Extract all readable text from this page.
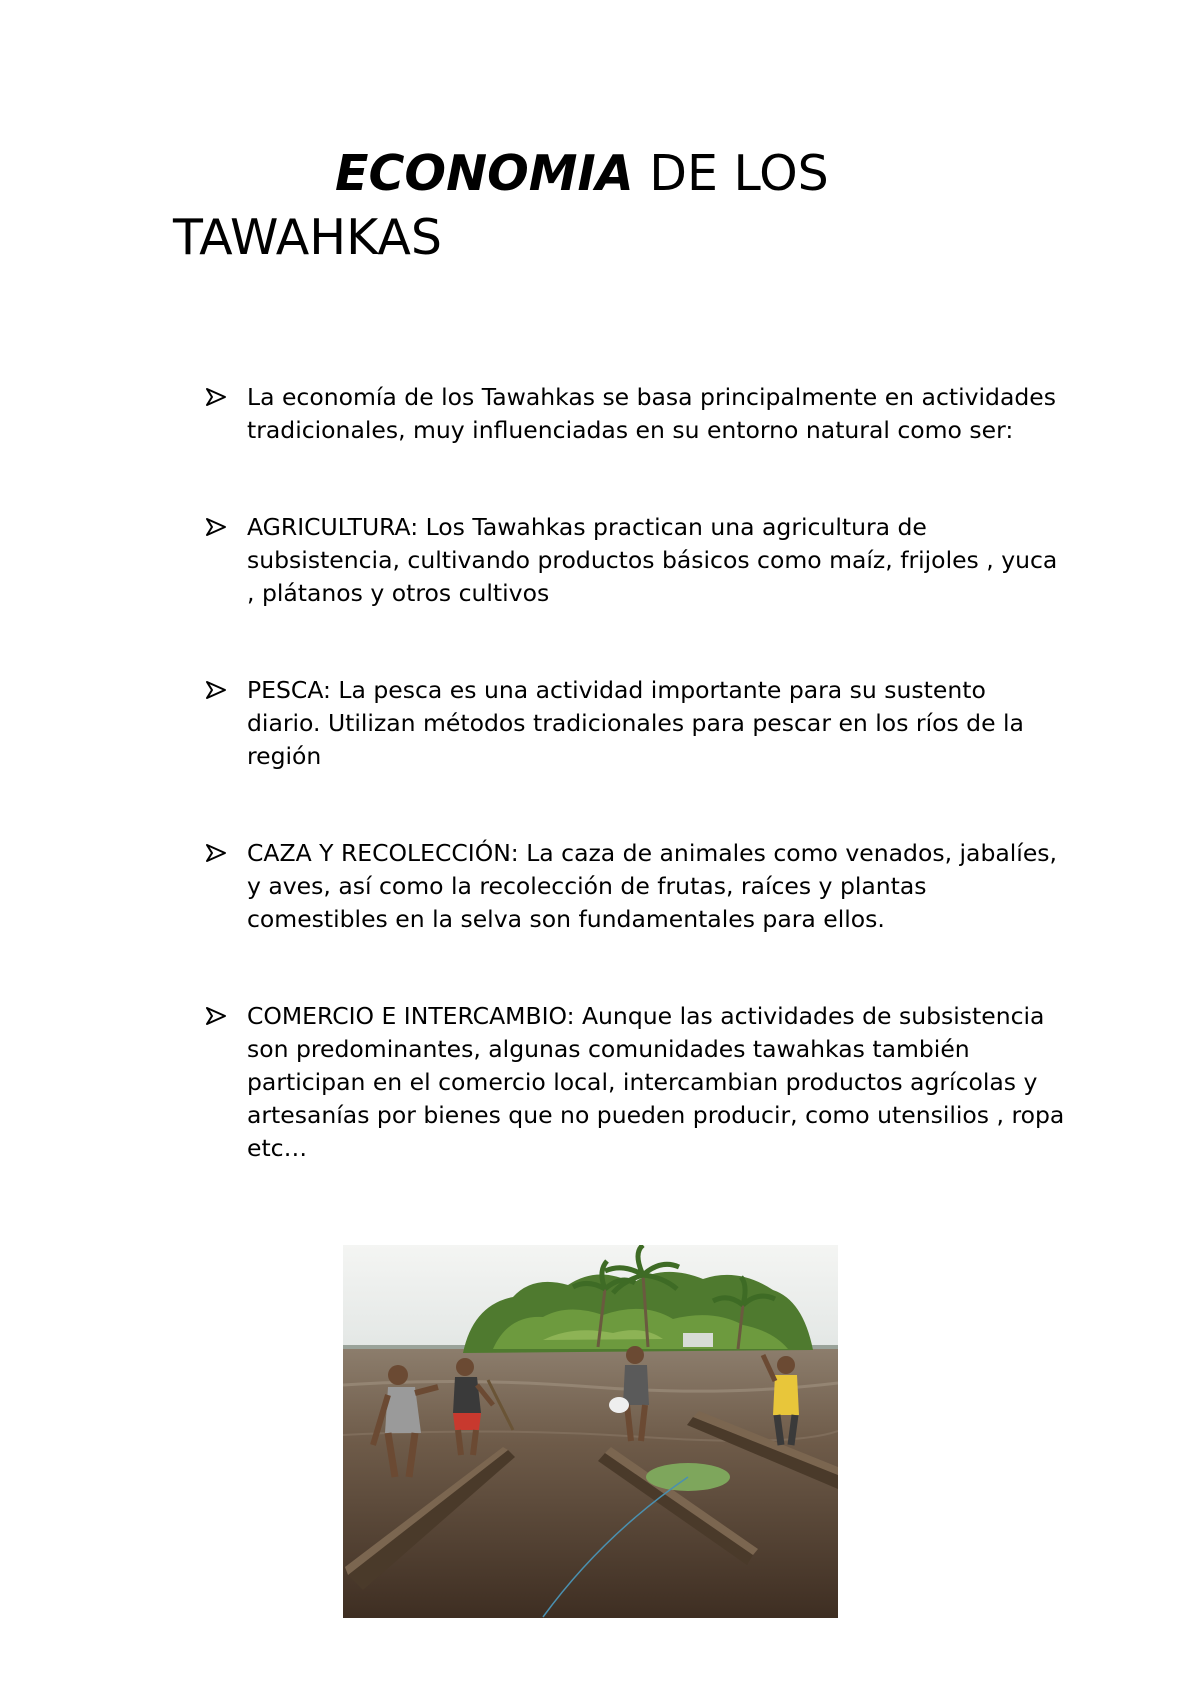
ECONOMIA DE LOS
TAWAHKAS
La economía de los Tawahkas se basa principalmente en actividades tradicionales, muy influenciadas en su entorno natural como ser:
AGRICULTURA: Los Tawahkas practican una agricultura de subsistencia, cultivando productos básicos como maíz, frijoles , yuca , plátanos y otros cultivos
PESCA: La pesca es una actividad importante para su sustento diario. Utilizan métodos tradicionales para pescar en los ríos de la región
CAZA Y RECOLECCIÓN: La caza de animales como venados, jabalíes, y aves, así como la recolección de frutas, raíces y plantas comestibles en la selva son fundamentales para ellos.
COMERCIO E INTERCAMBIO: Aunque las actividades de subsistencia son predominantes, algunas comunidades tawahkas también participan en el comercio local, intercambian productos agrícolas y artesanías por bienes que no pueden producir, como utensilios , ropa etc…
